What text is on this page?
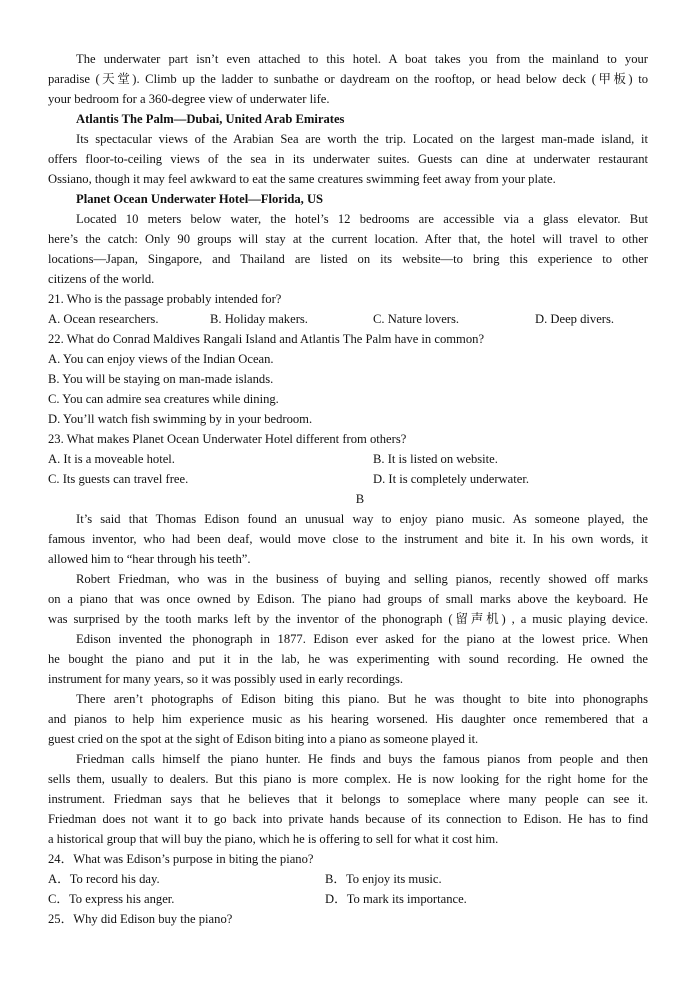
The underwater part isn’t even attached to this hotel. A boat takes you from the mainland to your
paradise (天堂). Climb up the ladder to sunbathe or daydream on the rooftop, or head below deck (甲板) to
your bedroom for a 360-degree view of underwater life.
Atlantis The Palm—Dubai, United Arab Emirates
Its spectacular views of the Arabian Sea are worth the trip. Located on the largest man-made island, it
offers floor-to-ceiling views of the sea in its underwater suites. Guests can dine at underwater restaurant
Ossiano, though it may feel awkward to eat the same creatures swimming feet away from your plate.
Planet Ocean Underwater Hotel—Florida, US
Located 10 meters below water, the hotel’s 12 bedrooms are accessible via a glass elevator. But
here’s the catch: Only 90 groups will stay at the current location. After that, the hotel will travel to other
locations—Japan, Singapore, and Thailand are listed on its website—to bring this experience to other
citizens of the world.
21. Who is the passage probably intended for?
A. Ocean researchers.	B. Holiday makers.	C. Nature lovers.	D. Deep divers.
22. What do Conrad Maldives Rangali Island and Atlantis The Palm have in common?
A. You can enjoy views of the Indian Ocean.
B. You will be staying on man-made islands.
C. You can admire sea creatures while dining.
D. You’ll watch fish swimming by in your bedroom.
23. What makes Planet Ocean Underwater Hotel different from others?
A. It is a moveable hotel.	B. It is listed on website.
C. Its guests can travel free.	D. It is completely underwater.
B
It’s said that Thomas Edison found an unusual way to enjoy piano music. As someone played, the
famous inventor, who had been deaf, would move close to the instrument and bite it. In his own words, it
allowed him to “hear through his teeth”.
Robert Friedman, who was in the business of buying and selling pianos, recently showed off marks
on a piano that was once owned by Edison. The piano had groups of small marks above the keyboard. He
was surprised by the tooth marks left by the inventor of the phonograph (留声机) , a music playing device.
Edison invented the phonograph in 1877. Edison ever asked for the piano at the lowest price. When
he bought the piano and put it in the lab, he was experimenting with sound recording. He owned the
instrument for many years, so it was possibly used in early recordings.
There aren’t photographs of Edison biting this piano. But he was thought to bite into phonographs
and pianos to help him experience music as his hearing worsened. His daughter once remembered that a
guest cried on the spot at the sight of Edison biting into a piano as someone played it.
Friedman calls himself the piano hunter. He finds and buys the famous pianos from people and then
sells them, usually to dealers. But this piano is more complex. He is now looking for the right home for the
instrument. Friedman says that he believes that it belongs to someplace where many people can see it.
Friedman does not want it to go back into private hands because of its connection to Edison. He has to find
a historical group that will buy the piano, which he is offering to sell for what it cost him.
24．What was Edison’s purpose in biting the piano?
A．To record his day.	B．To enjoy its music.
C．To express his anger.	D．To mark its importance.
25．Why did Edison buy the piano?
